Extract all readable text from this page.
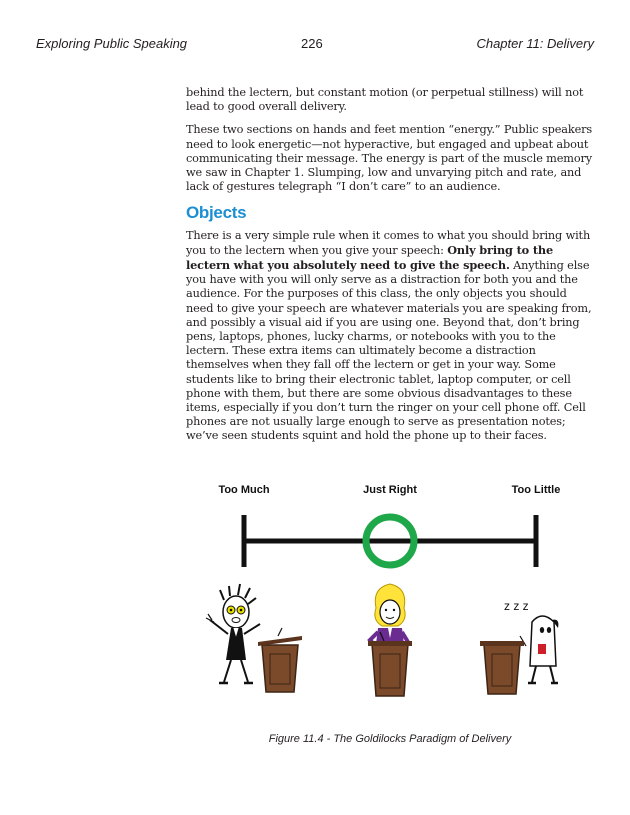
Exploring Public Speaking	226	Chapter 11: Delivery

behind the lectern, but constant motion (or perpetual stillness) will not lead to good overall delivery.

These two sections on hands and feet mention “energy.” Public speakers need to look energetic—not hyperactive, but engaged and upbeat about communicating their message. The energy is part of the muscle memory we saw in Chapter 1. Slumping, low and unvarying pitch and rate, and lack of gestures telegraph “I don’t care” to an audience.

Objects

There is a very simple rule when it comes to what you should bring with you to the lectern when you give your speech: Only bring to the lectern what you absolutely need to give the speech. Anything else you have with you will only serve as a distraction for both you and the audience. For the purposes of this class, the only objects you should need to give your speech are whatever materials you are speaking from, and possibly a visual aid if you are using one. Beyond that, don’t bring pens, laptops, phones, lucky charms, or notebooks with you to the lectern. These extra items can ultimately become a distraction themselves when they fall off the lectern or get in your way. Some students like to bring their electronic tablet, laptop computer, or cell phone with them, but there are some obvious disadvantages to these items, especially if you don’t turn the ringer on your cell phone off. Cell phones are not usually large enough to serve as presentation notes; we’ve seen students squint and hold the phone up to their faces.

Too Much	Just Right	Too Little
z z z
Figure 11.4 - The Goldilocks Paradigm of Delivery
